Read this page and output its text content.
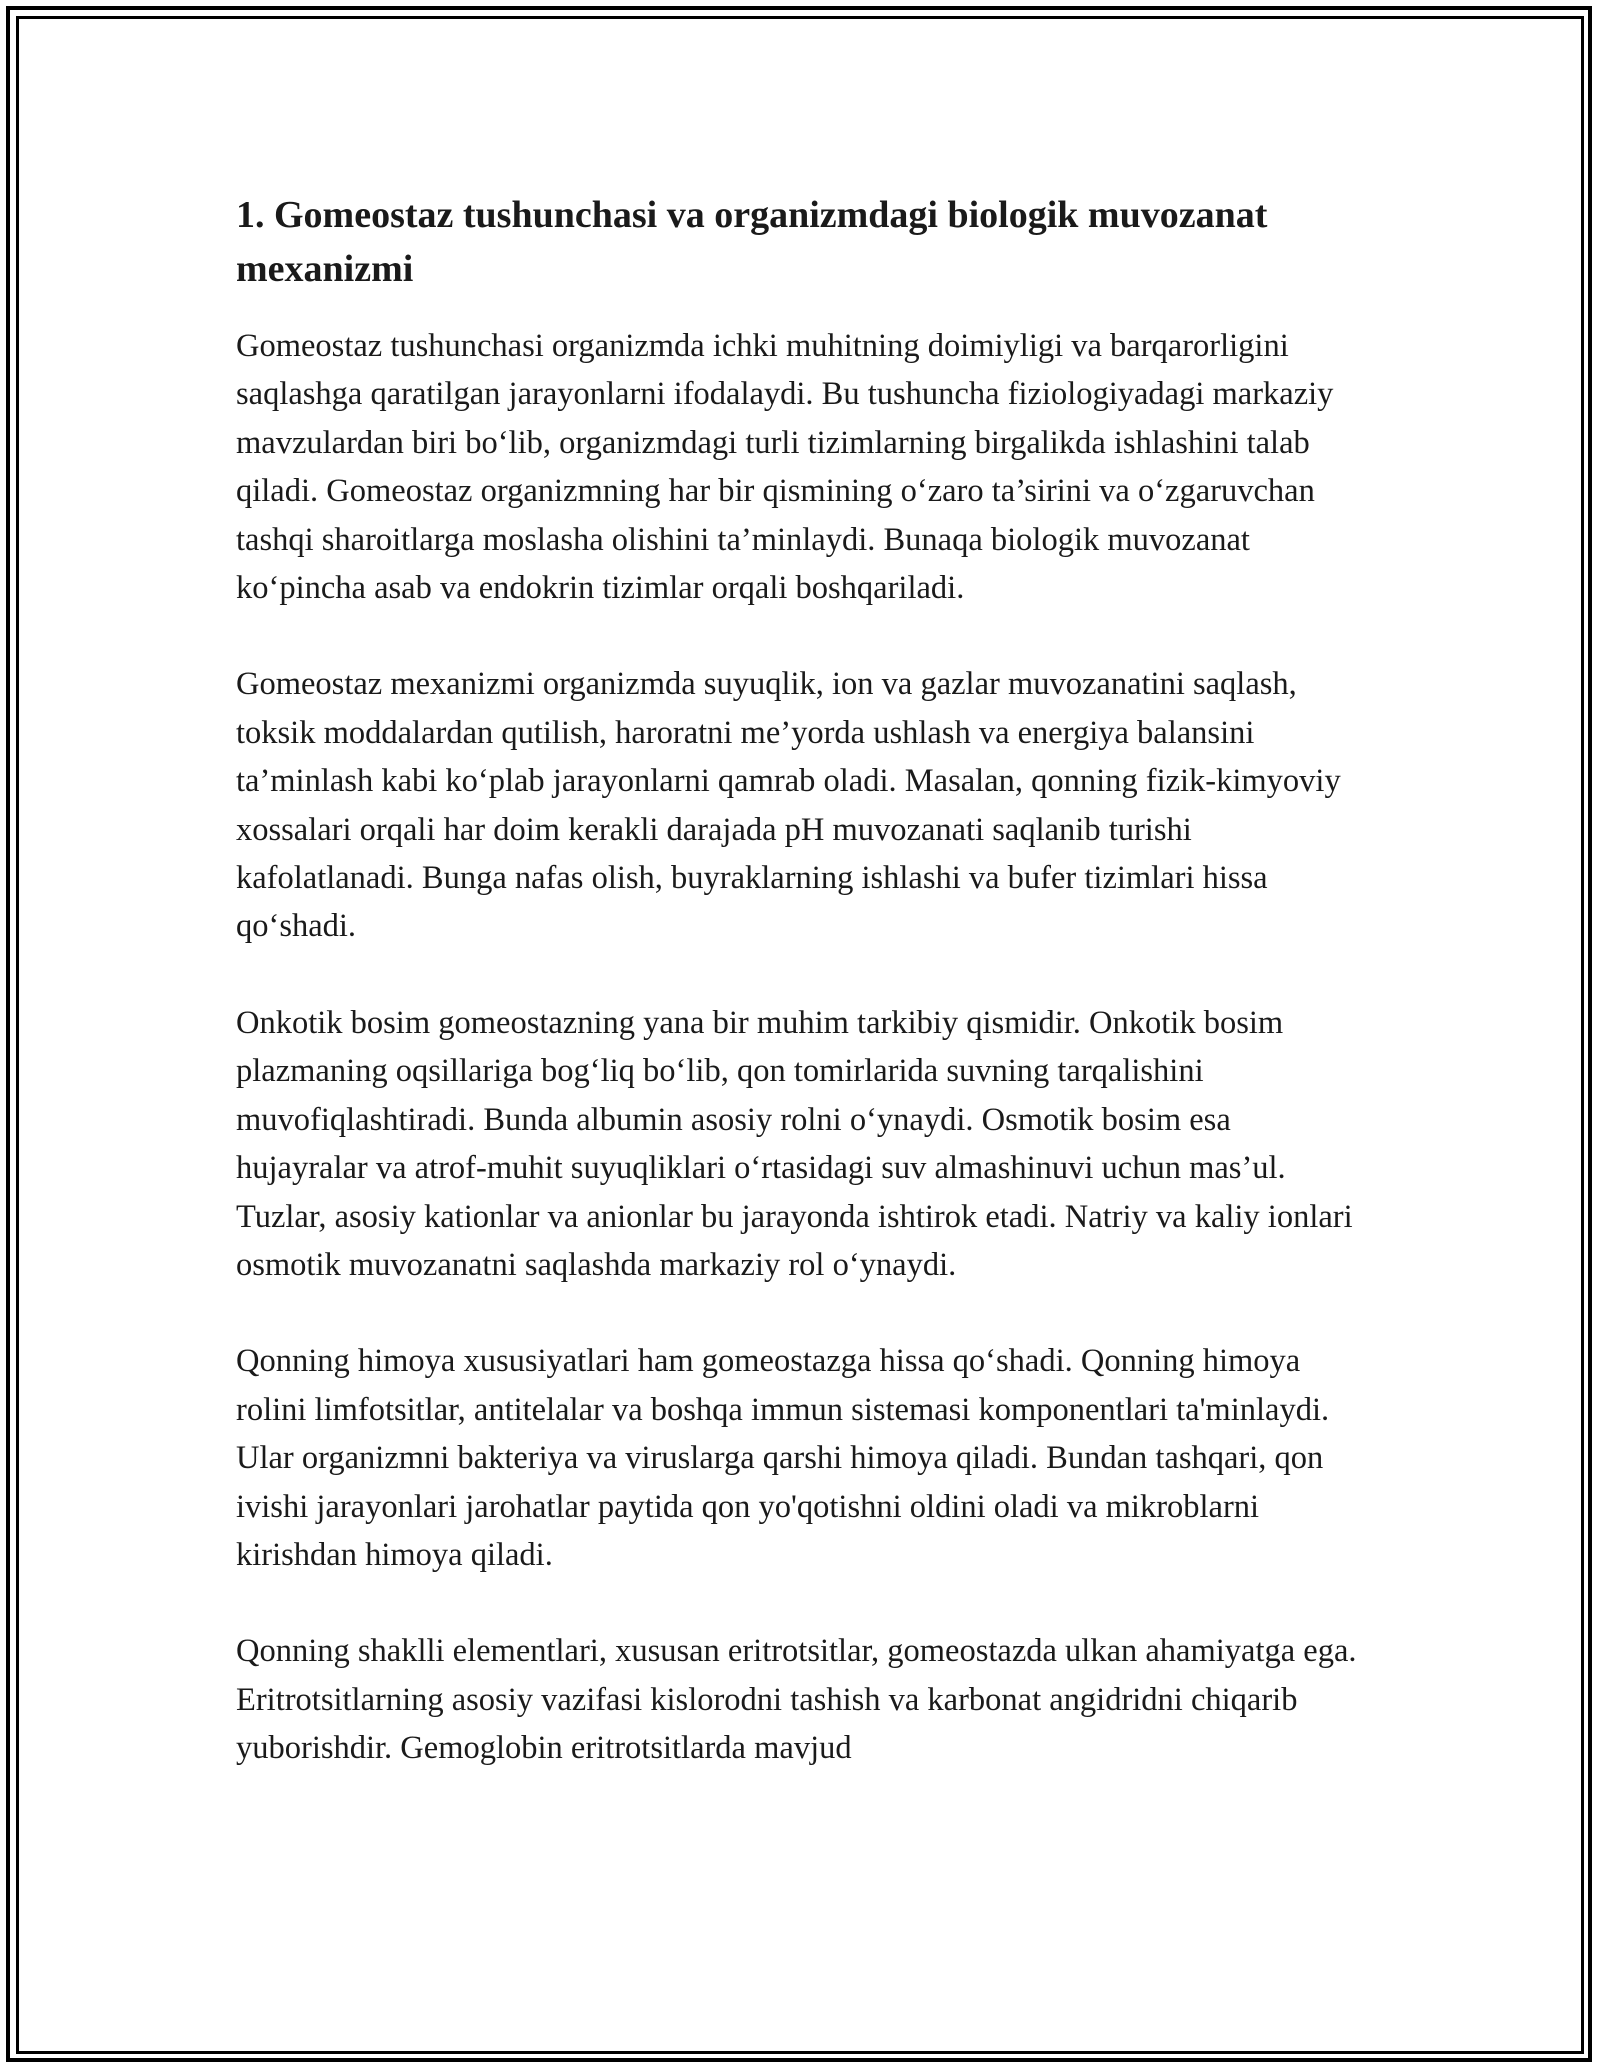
1. Gomeostaz tushunchasi va organizmdagi biologik muvozanat mexanizmi

Gomeostaz tushunchasi organizmda ichki muhitning doimiyligi va barqarorligini saqlashga qaratilgan jarayonlarni ifodalaydi. Bu tushuncha fiziologiyadagi markaziy mavzulardan biri bo‘lib, organizmdagi turli tizimlarning birgalikda ishlashini talab qiladi. Gomeostaz organizmning har bir qismining o‘zaro ta’sirini va o‘zgaruvchan tashqi sharoitlarga moslasha olishini ta’minlaydi. Bunaqa biologik muvozanat ko‘pincha asab va endokrin tizimlar orqali boshqariladi.

Gomeostaz mexanizmi organizmda suyuqlik, ion va gazlar muvozanatini saqlash, toksik moddalardan qutilish, haroratni me’yorda ushlash va energiya balansini ta’minlash kabi ko‘plab jarayonlarni qamrab oladi. Masalan, qonning fizik-kimyoviy xossalari orqali har doim kerakli darajada pH muvozanati saqlanib turishi kafolatlanadi. Bunga nafas olish, buyraklarning ishlashi va bufer tizimlari hissa qo‘shadi.

Onkotik bosim gomeostazning yana bir muhim tarkibiy qismidir. Onkotik bosim plazmaning oqsillariga bog‘liq bo‘lib, qon tomirlarida suvning tarqalishini muvofiqlashtiradi. Bunda albumin asosiy rolni o‘ynaydi. Osmotik bosim esa hujayralar va atrof-muhit suyuqliklari o‘rtasidagi suv almashinuvi uchun mas’ul. Tuzlar, asosiy kationlar va anionlar bu jarayonda ishtirok etadi. Natriy va kaliy ionlari osmotik muvozanatni saqlashda markaziy rol o‘ynaydi.

Qonning himoya xususiyatlari ham gomeostazga hissa qo‘shadi. Qonning himoya rolini limfotsitlar, antitelalar va boshqa immun sistemasi komponentlari ta'minlaydi. Ular organizmni bakteriya va viruslarga qarshi himoya qiladi. Bundan tashqari, qon ivishi jarayonlari jarohatlar paytida qon yo'qotishni oldini oladi va mikroblarni kirishdan himoya qiladi.

Qonning shaklli elementlari, xususan eritrotsitlar, gomeostazda ulkan ahamiyatga ega. Eritrotsitlarning asosiy vazifasi kislorodni tashish va karbonat angidridni chiqarib yuborishdir. Gemoglobin eritrotsitlarda mavjud
